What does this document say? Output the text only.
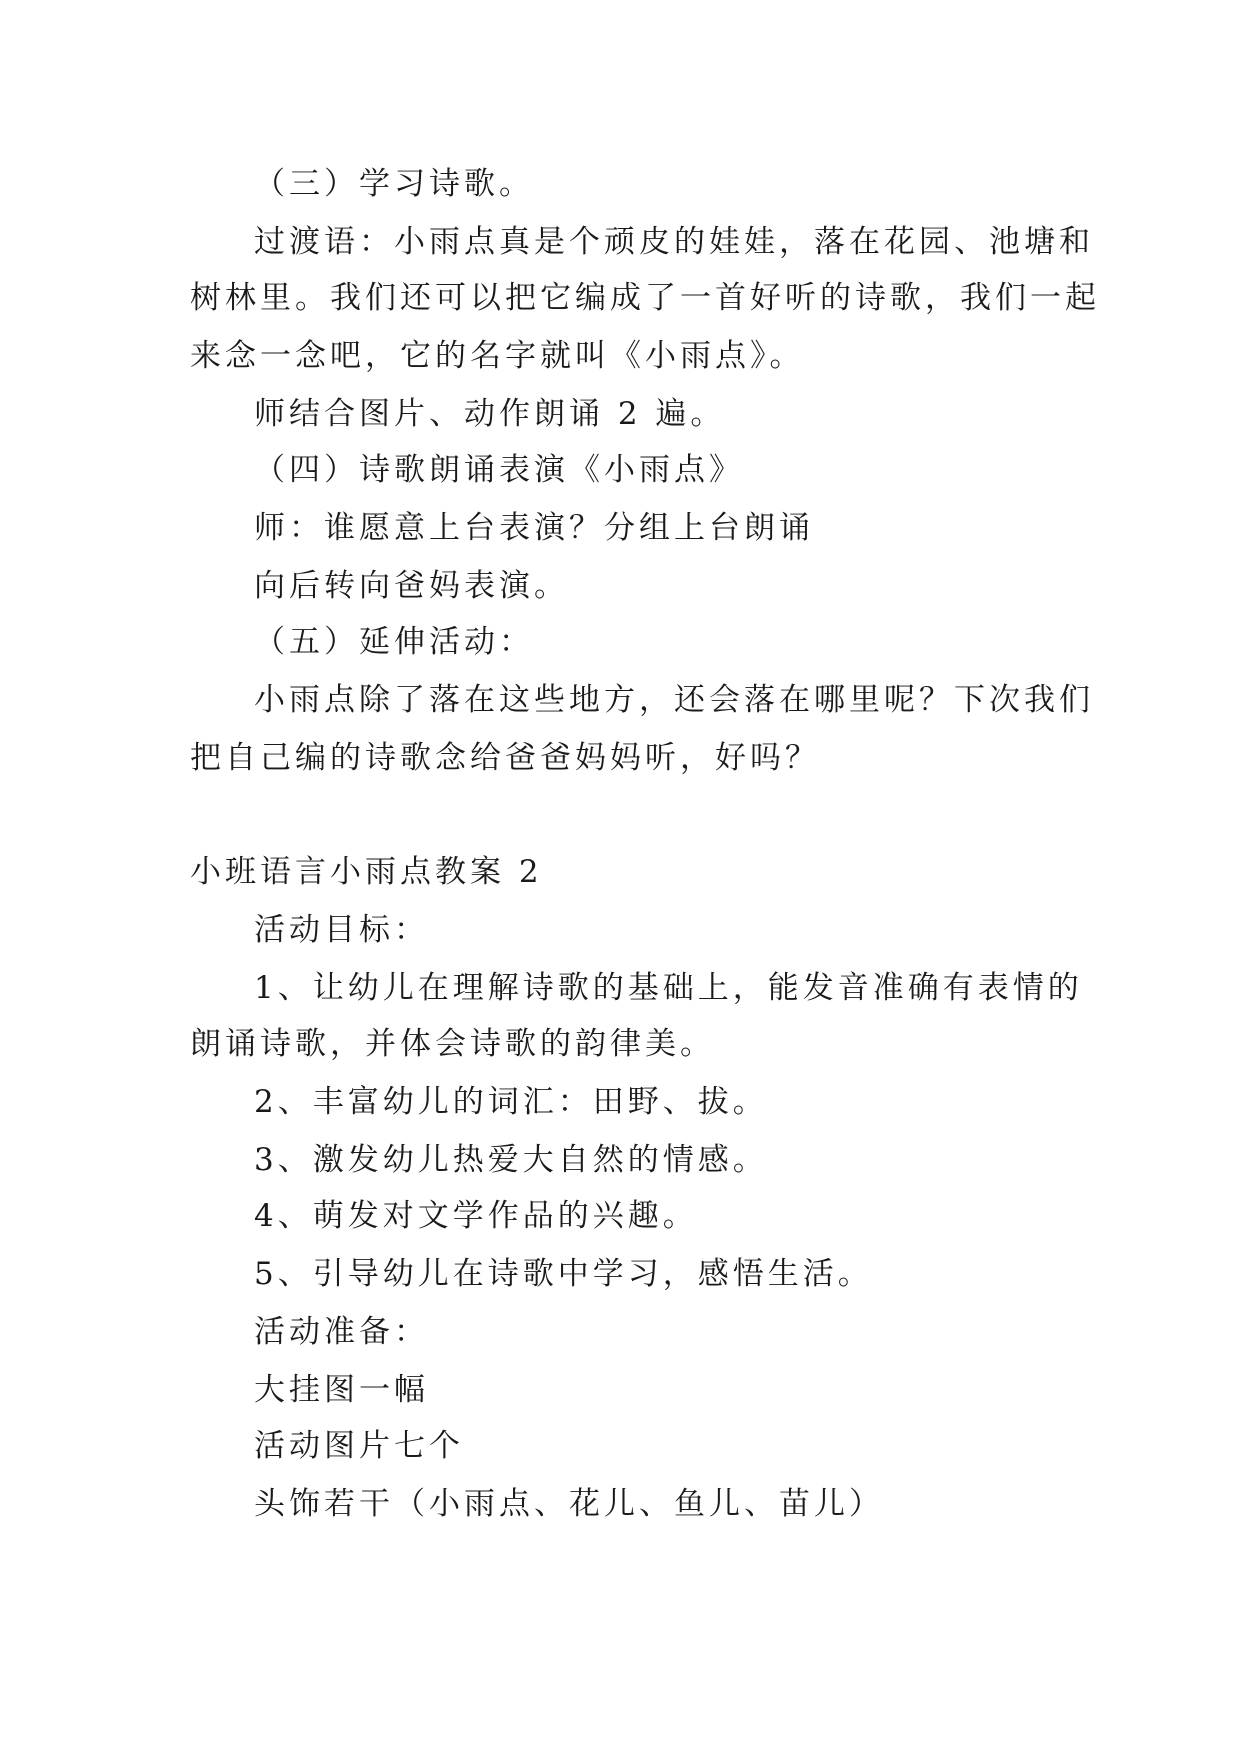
（三）学习诗歌。
过渡语：小雨点真是个顽皮的娃娃，落在花园、池塘和
树林里。我们还可以把它编成了一首好听的诗歌，我们一起
来念一念吧，它的名字就叫《小雨点》。
师结合图片、动作朗诵 2 遍。
（四）诗歌朗诵表演《小雨点》
师：谁愿意上台表演？分组上台朗诵
向后转向爸妈表演。
（五）延伸活动：
小雨点除了落在这些地方，还会落在哪里呢？下次我们
把自己编的诗歌念给爸爸妈妈听，好吗？
小班语言小雨点教案 2
活动目标：
1、让幼儿在理解诗歌的基础上，能发音准确有表情的
朗诵诗歌，并体会诗歌的韵律美。
2、丰富幼儿的词汇：田野、拔。
3、激发幼儿热爱大自然的情感。
4、萌发对文学作品的兴趣。
5、引导幼儿在诗歌中学习，感悟生活。
活动准备：
大挂图一幅
活动图片七个
头饰若干（小雨点、花儿、鱼儿、苗儿）
